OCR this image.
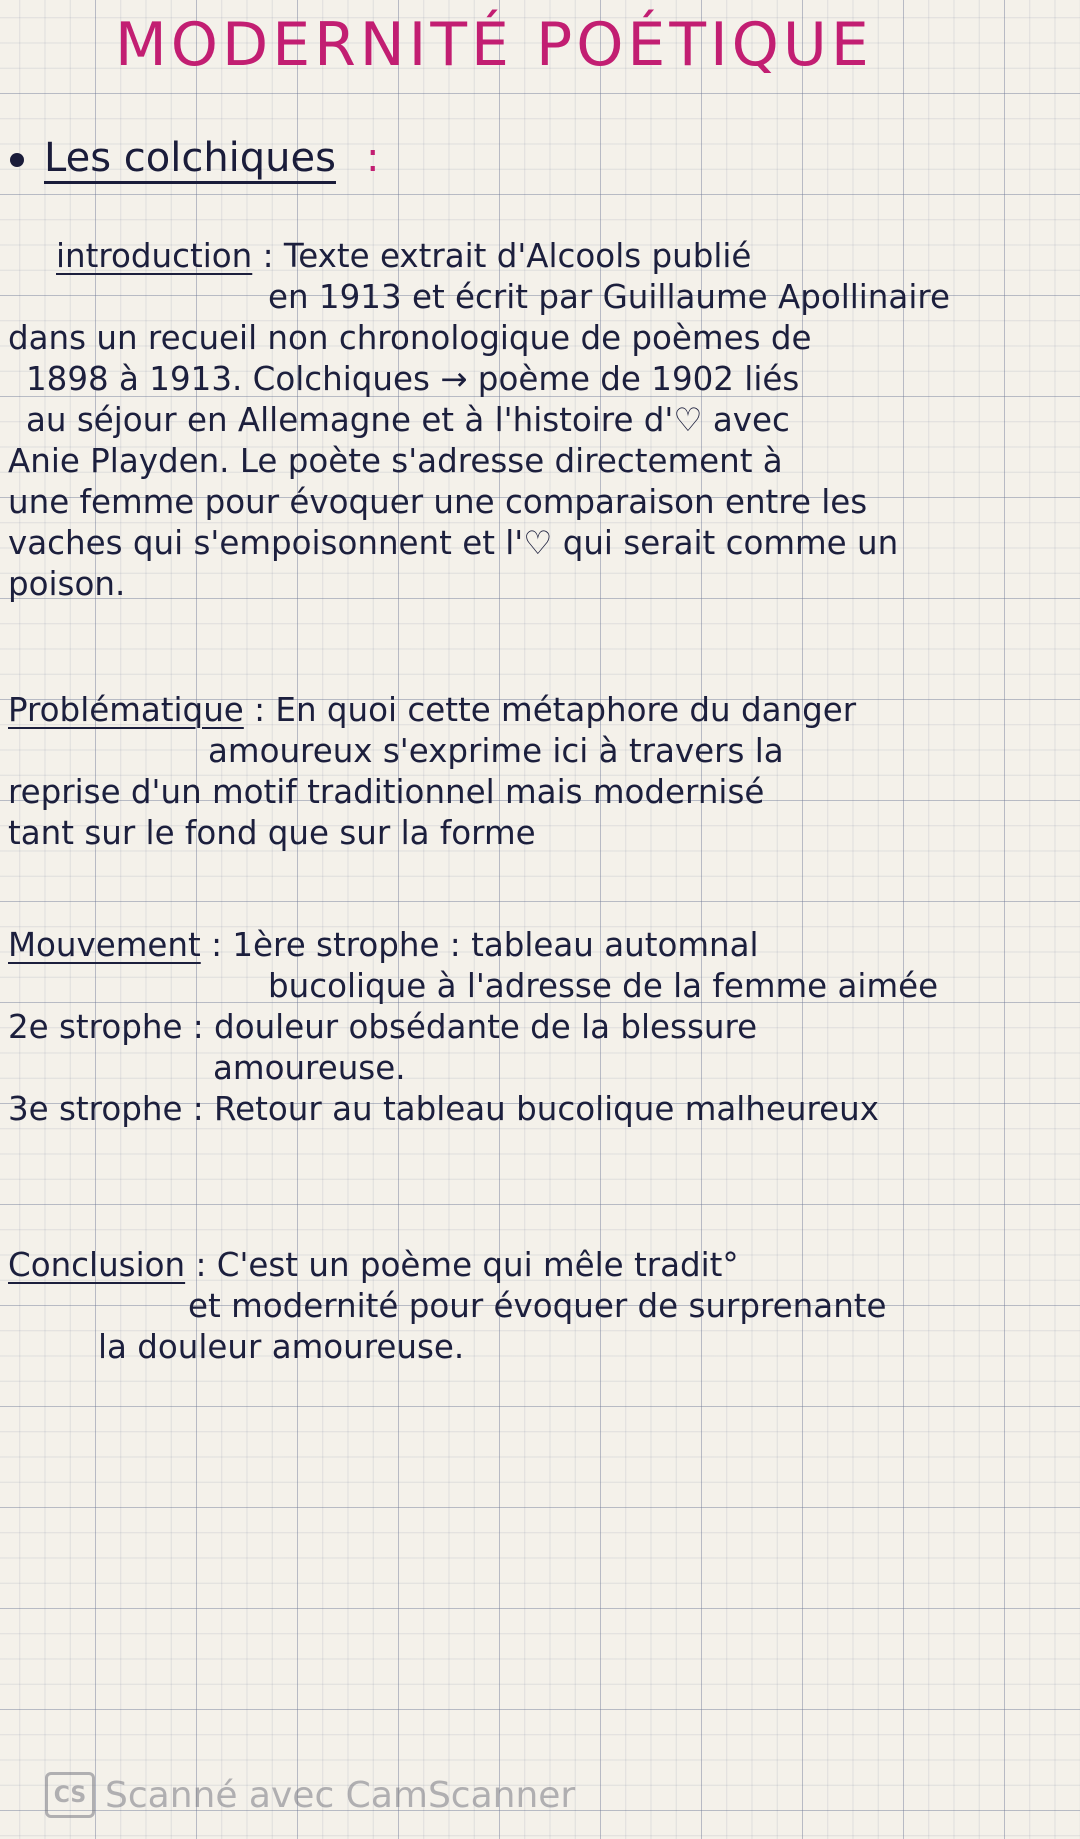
MODERNITÉ POÉTIQUE
Les colchiques :
introduction : Texte extrait d'Alcools publié
en 1913 et écrit par Guillaume Apollinaire
dans un recueil non chronologique de poèmes de
1898 à 1913. Colchiques → poème de 1902 liés
au séjour en Allemagne et à l'histoire d'♡ avec
Anie Playden. Le poète s'adresse directement à
une femme pour évoquer une comparaison entre les
vaches qui s'empoisonnent et l'♡ qui serait comme un
poison.
Problématique : En quoi cette métaphore du danger
amoureux s'exprime ici à travers la
reprise d'un motif traditionnel mais modernisé
tant sur le fond que sur la forme
Mouvement : 1ère strophe : tableau automnal
bucolique à l'adresse de la femme aimée
2e strophe : douleur obsédante de la blessure
amoureuse.
3e strophe : Retour au tableau bucolique malheureux
Conclusion : C'est un poème qui mêle tradit°
et modernité pour évoquer de surprenante
la douleur amoureuse.
CS Scanné avec CamScanner
